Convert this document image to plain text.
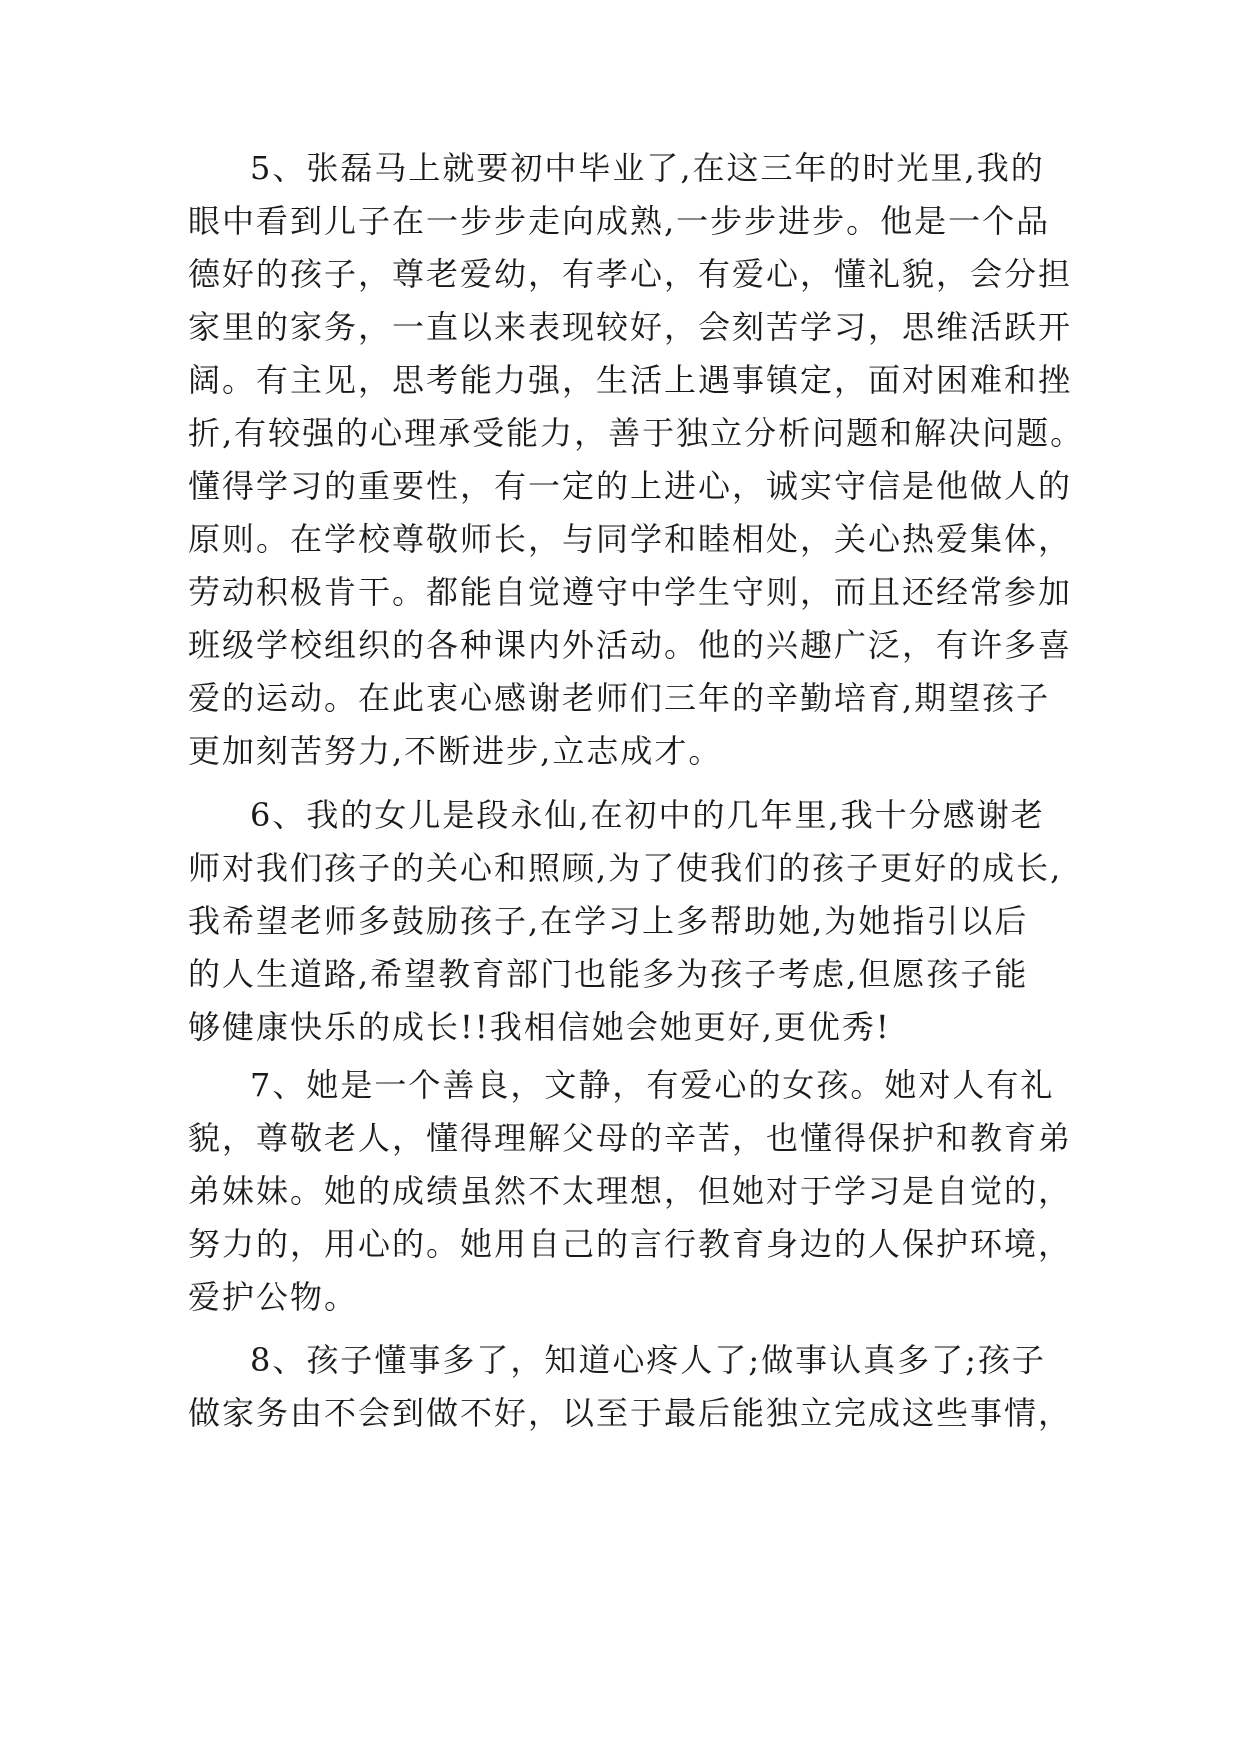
5、张磊马上就要初中毕业了,在这三年的时光里,我的

眼中看到儿子在一步步走向成熟,一步步进步。他是一个品

德好的孩子，尊老爱幼，有孝心，有爱心，懂礼貌，会分担

家里的家务，一直以来表现较好，会刻苦学习，思维活跃开

阔。有主见，思考能力强，生活上遇事镇定，面对困难和挫

折,有较强的心理承受能力，善于独立分析问题和解决问题。

懂得学习的重要性，有一定的上进心，诚实守信是他做人的

原则。在学校尊敬师长，与同学和睦相处，关心热爱集体，

劳动积极肯干。都能自觉遵守中学生守则，而且还经常参加

班级学校组织的各种课内外活动。他的兴趣广泛，有许多喜

爱的运动。在此衷心感谢老师们三年的辛勤培育,期望孩子

更加刻苦努力,不断进步,立志成才。

6、我的女儿是段永仙,在初中的几年里,我十分感谢老

师对我们孩子的关心和照顾,为了使我们的孩子更好的成长,

我希望老师多鼓励孩子,在学习上多帮助她,为她指引以后

的人生道路,希望教育部门也能多为孩子考虑,但愿孩子能

够健康快乐的成长!!我相信她会她更好,更优秀!

7、她是一个善良，文静，有爱心的女孩。她对人有礼

貌，尊敬老人，懂得理解父母的辛苦，也懂得保护和教育弟

弟妹妹。她的成绩虽然不太理想，但她对于学习是自觉的，

努力的，用心的。她用自己的言行教育身边的人保护环境，

爱护公物。

8、孩子懂事多了，知道心疼人了;做事认真多了;孩子

做家务由不会到做不好，以至于最后能独立完成这些事情，
